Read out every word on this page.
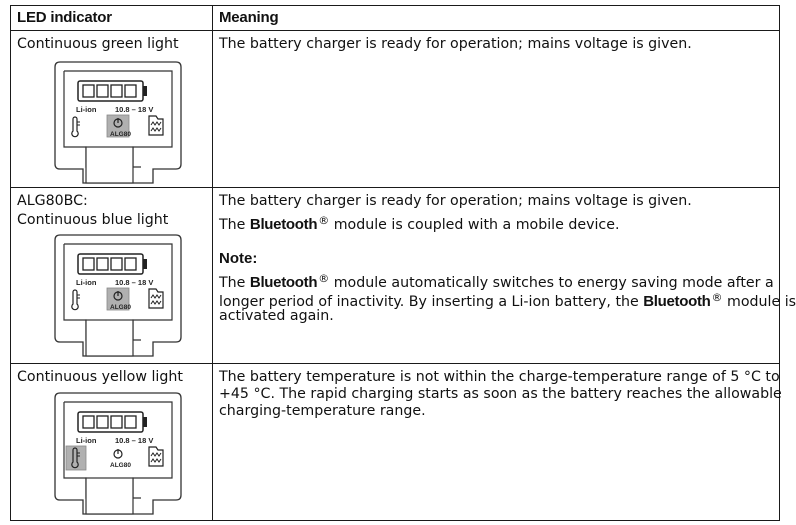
LED indicator	Meaning
Continuous green light
Li-ion 10.8 – 18 V
ALG80
The battery charger is ready for operation; mains voltage is given.
ALG80BC:
Continuous blue light
Li-ion 10.8 – 18 V
ALG80
The battery charger is ready for operation; mains voltage is given.
The Bluetooth® module is coupled with a mobile device.
Note:
The Bluetooth® module automatically switches to energy saving mode after a
longer period of inactivity. By inserting a Li-ion battery, the Bluetooth® module is
activated again.
Continuous yellow light
Li-ion 10.8 – 18 V
ALG80
The battery temperature is not within the charge-temperature range of 5 °C to
+45 °C. The rapid charging starts as soon as the battery reaches the allowable
charging-temperature range.
